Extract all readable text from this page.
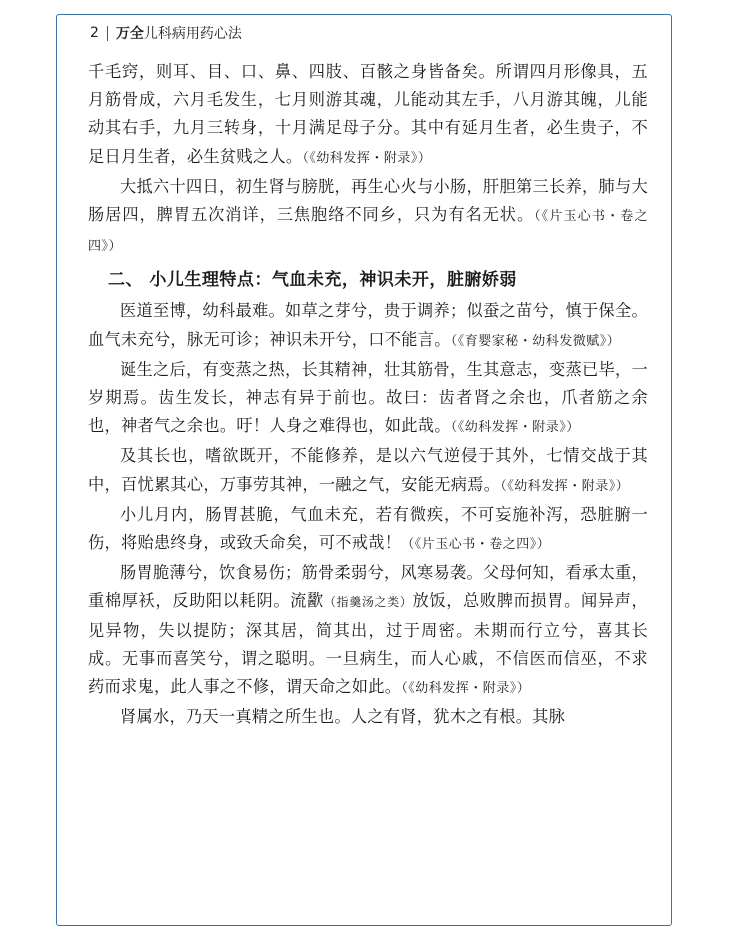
2 万全 儿科病用药心法

千毛窍，则耳、目、口、鼻、四肢、百骸之身皆备矣。所谓四月形像具，五月筋骨成，六月毛发生，七月则游其魂，儿能动其左手，八月游其魄，儿能动其右手，九月三转身，十月满足母子分。其中有延月生者，必生贵子，不足日月生者，必生贫贱之人。（《幼科发挥・附录》）

大抵六十四日，初生肾与膀胱，再生心火与小肠，肝胆第三长养，肺与大肠居四，脾胃五次消详，三焦胞络不同乡，只为有名无状。（《片玉心书・卷之四》）

二、 小儿生理特点：气血未充，神识未开，脏腑娇弱

医道至博，幼科最难。如草之芽兮，贵于调养；似蚕之苗兮，慎于保全。血气未充兮，脉无可诊；神识未开兮，口不能言。（《育婴家秘・幼科发微赋》）

诞生之后，有变蒸之热，长其精神，壮其筋骨，生其意志，变蒸已毕，一岁期焉。齿生发长，神志有异于前也。故曰：齿者肾之余也，爪者筋之余也，神者气之余也。吁！人身之难得也，如此哉。（《幼科发挥・附录》）

及其长也，嗜欲既开，不能修养，是以六气逆侵于其外，七情交战于其中，百忧累其心，万事劳其神，一融之气，安能无病焉。（《幼科发挥・附录》）

小儿月内，肠胃甚脆，气血未充，若有微疾，不可妄施补泻，恐脏腑一伤，将贻患终身，或致夭命矣，可不戒哉！（《片玉心书・卷之四》）

肠胃脆薄兮，饮食易伤；筋骨柔弱兮，风寒易袭。父母何知，看承太重，重棉厚袄，反助阳以耗阴。流歠（指羹汤之类）放饭，总败脾而损胃。闻异声，见异物，失以提防；深其居，简其出，过于周密。未期而行立兮，喜其长成。无事而喜笑兮，谓之聪明。一旦病生，而人心戚，不信医而信巫，不求药而求鬼，此人事之不修，谓天命之如此。（《幼科发挥・附录》）

肾属水，乃天一真精之所生也。人之有肾，犹木之有根。其脉
